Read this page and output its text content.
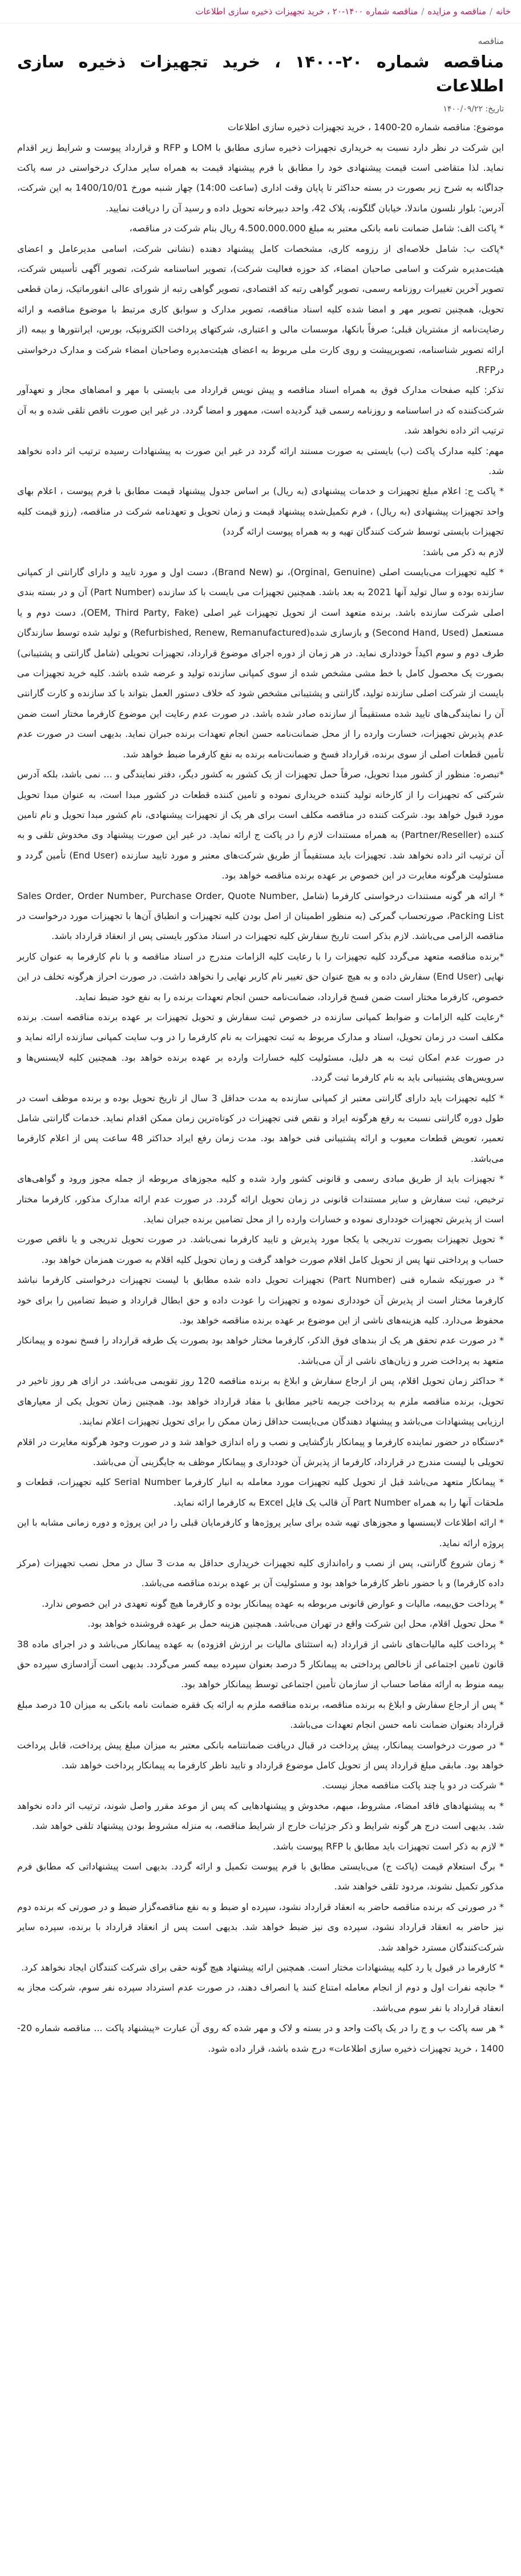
خانه
/
مناقصه و مزایده
/
مناقصه شماره ۱۴۰۰-۲۰ ، خرید تجهیزات ذخیره سازی اطلاعات
مناقصه
مناقصه شماره ۲۰-۱۴۰۰ ، خرید تجهیزات ذخیره سازی اطلاعات
تاریخ: ۱۴۰۰/۰۹/۲۲

موضوع: مناقصه شماره 20-1400 ، خرید تجهیزات ذخیره سازی اطلاعات

این شرکت در نظر دارد نسبت به خریداری تجهیزات ذخیره سازی مطابق با LOM و RFP و قرارداد پیوست و شرایط زیر اقدام نماید. لذا متقاضی است قیمت پیشنهادی خود را مطابق با فرم پیشنهاد قیمت به همراه سایر مدارک درخواستی در سه پاکت جداگانه به شرح زیر بصورت در بسته حداکثر تا پایان وقت اداری (ساعت 14:00) چهار شنبه مورخ 1400/10/01 به این شرکت، آدرس: بلوار نلسون ماندلا، خیابان گلگونه، پلاک 42، واحد دبیرخانه تحویل داده و رسید آن را دریافت نمایید.

* پاکت الف: شامل ضمانت نامه بانکی معتبر به مبلغ 4.500.000.000 ریال بنام شرکت در مناقصه،

*پاکت ب: شامل خلاصه‌ای از رزومه کاری، مشخصات کامل پیشنهاد دهنده (نشانی شرکت، اسامی مدیرعامل و اعضای هیئت‌مدیره شرکت و اسامی صاحبان امضاء، کد حوزه فعالیت شرکت)، تصویر اساسنامه شرکت، تصویر آگهی تأسیس شرکت، تصویر آخرین تغییرات روزنامه رسمی، تصویر گواهی رتبه کد اقتصادی، تصویر گواهی رتبه از شورای عالی انفورماتیک، زمان قطعی تحویل، همچنین تصویر مهر و امضا شده کلیه اسناد مناقصه، تصویر مدارک و سوابق کاری مرتبط با موضوع مناقصه و ارائه رضایت‌نامه از مشتریان قبلی؛ صرفاً بانکها، موسسات مالی و اعتباری، شرکتهای پرداخت الکترونیک، بورس، ایرانتورها و بیمه (از ارائه تصویر شناسنامه، تصویرپیشت و روی کارت ملی مربوط به اعضای هیئت‌مدیره وصاحبان امضاء شرکت و مدارک درخواستی درRFP.

تذکر: کلیه صفحات مدارک فوق به همراه اسناد مناقصه و پیش نویس قرارداد می بایستی با مهر و امضاهای مجاز و تعهدآور شرکت‌کننده که در اساسنامه و روزنامه رسمی قید گردیده است، ممهور و امضا گردد. در غیر این صورت ناقص تلقی شده و به آن ترتیب اثر داده نخواهد شد.

مهم: کلیه مدارک پاکت (ب) بایستی به صورت مستند ارائه گردد در غیر این صورت به پیشنهادات رسیده ترتیب اثر داده نخواهد شد.

* پاکت ج: اعلام مبلغ تجهیزات و خدمات پیشنهادی (به ریال) بر اساس جدول پیشنهاد قیمت مطابق با فرم پیوست ، اعلام بهای واحد تجهیزات پیشنهادی (به ریال) ، فرم تکمیل‌شده پیشنهاد قیمت و زمان تحویل و تعهدنامه شرکت در مناقصه، (رزو قیمت کلیه تجهیزات بایستی توسط شرکت کنندگان تهیه و به همراه پیوست ارائه گردد)

لازم به ذکر می باشد:

* کلیه تجهیزات می‌بایست اصلی (Orginal, Genuine)، نو (Brand New)، دست اول و مورد تایید و دارای گارانتی از کمپانی سازنده بوده و سال تولید آنها 2021 به بعد باشد. همچنین تجهیزات می بایست با کد سازنده (Part Number) آن و در بسته بندی اصلی شرکت سازنده باشد. برنده متعهد است از تحویل تجهیزات غیر اصلی (OEM, Third Party, Fake)، دست دوم و یا مستعمل (Second Hand, Used) و بازسازی شده(Refurbished, Renew, Remanufactured) و تولید شده توسط سازندگان طرف دوم و سوم اکیداً خودداری نماید. در هر زمان از دوره اجرای موضوع قرارداد، تجهیزات تحویلی (شامل گارانتی و پشتیبانی) بصورت یک محصول کامل با خط مشی مشخص شده از سوی کمپانی سازنده تولید و عرضه شده باشد. کلیه خرید تجهیزات می بایست از شرکت اصلی سازنده تولید، گارانتی و پشتیبانی مشخص شود که خلاف دستور العمل بتواند با کد سازنده و کارت گارانتی آن را نمایندگی‌های تایید شده مستقیماً از سازنده صادر شده باشد. در صورت عدم رعایت این موضوع کارفرما مختار است ضمن عدم پذیرش تجهیزات، خسارت وارده را از محل ضمانت‌نامه حسن انجام تعهدات برنده جبران نماید. بدیهی است در صورت عدم تأمین قطعات اصلی از سوی برنده، قرارداد فسخ و ضمانت‌نامه برنده به نفع کارفرما ضبط خواهد شد.

*تبصره: منظور از کشور مبدا تحویل، صرفاً حمل تجهیزات از یک کشور به کشور دیگر، دفتر نمایندگی و ... نمی باشد، بلکه آدرس شرکتی که تجهیزات را از کارخانه تولید کننده خریداری نموده و تامین کننده قطعات در کشور مبدا است، به عنوان مبدا تحویل مورد قبول خواهد بود. شرکت کننده در مناقصه مکلف است برای هر یک از تجهیزات پیشنهادی، نام کشور مبدا تحویل و نام تامین کننده (Partner/Reseller) به همراه مستندات لازم را در پاکت ج ارائه نماید. در غیر این صورت پیشنهاد وی مخدوش تلقی و به آن ترتیب اثر داده نخواهد شد. تجهیزات باید مستقیماً از طریق شرکت‌های معتبر و مورد تایید سازنده (End User) تأمین گردد و مسئولیت هرگونه مغایرت در این خصوص بر عهده برنده مناقصه خواهد بود.

* ارائه هر گونه مستندات درخواستی کارفرما (شامل Sales Order, Order Number, Purchase Order, Quote Number, Packing List، صورتحساب گمرکی (به منظور اطمینان از اصل بودن کلیه تجهیزات و انطباق آن‌ها با تجهیزات مورد درخواست در مناقصه الزامی می‌باشد. لازم بذکر است تاریخ سفارش کلیه تجهیزات در اسناد مذکور بایستی پس از انعقاد قرارداد باشد.

*برنده مناقصه متعهد می‌گردد کلیه تجهیزات را با رعایت کلیه الزامات مندرج در اسناد مناقصه و با نام کارفرما به عنوان کاربر نهایی (End User) سفارش داده و به هیچ عنوان حق تغییر نام کاربر نهایی را نخواهد داشت. در صورت احراز هرگونه تخلف در این خصوص، کارفرما مختار است ضمن فسخ قرارداد، ضمانت‌نامه حسن انجام تعهدات برنده را به نفع خود ضبط نماید.

*رعایت کلیه الزامات و ضوابط کمپانی سازنده در خصوص ثبت سفارش و تحویل تجهیزات بر عهده برنده مناقصه است. برنده مکلف است در زمان تحویل، اسناد و مدارک مربوط به ثبت تجهیزات به نام کارفرما را در وب سایت کمپانی سازنده ارائه نماید و در صورت عدم امکان ثبت به هر دلیل، مسئولیت کلیه خسارات وارده بر عهده برنده خواهد بود. همچنین کلیه لایسنس‌ها و سرویس‌های پشتیبانی باید به نام کارفرما ثبت گردد.

* کلیه تجهیزات باید دارای گارانتی معتبر از کمپانی سازنده به مدت حداقل 3 سال از تاریخ تحویل بوده و برنده موظف است در طول دوره گارانتی نسبت به رفع هرگونه ایراد و نقص فنی تجهیزات در کوتاه‌ترین زمان ممکن اقدام نماید. خدمات گارانتی شامل تعمیر، تعویض قطعات معیوب و ارائه پشتیبانی فنی خواهد بود. مدت زمان رفع ایراد حداکثر 48 ساعت پس از اعلام کارفرما می‌باشد.

* تجهیزات باید از طریق مبادی رسمی و قانونی کشور وارد شده و کلیه مجوزهای مربوطه از جمله مجوز ورود و گواهی‌های ترخیص، ثبت سفارش و سایر مستندات قانونی در زمان تحویل ارائه گردد. در صورت عدم ارائه مدارک مذکور، کارفرما مختار است از پذیرش تجهیزات خودداری نموده و خسارات وارده را از محل تضامین برنده جبران نماید.

* تحویل تجهیزات بصورت تدریجی یا یکجا مورد پذیرش و تایید کارفرما نمی‌باشد. در صورت تحویل تدریجی و یا ناقص صورت حساب و پرداختی تنها پس از تحویل کامل اقلام صورت خواهد گرفت و زمان تحویل کلیه اقلام به صورت همزمان خواهد بود.

* در صورتیکه شماره فنی (Part Number) تجهیزات تحویل داده شده مطابق با لیست تجهیزات درخواستی کارفرما نباشد کارفرما مختار است از پذیرش آن خودداری نموده و تجهیزات را عودت داده و حق ابطال قرارداد و ضبط تضامین را برای خود محفوظ می‌دارد. کلیه هزینه‌های ناشی از این موضوع بر عهده برنده مناقصه خواهد بود.

* در صورت عدم تحقق هر یک از بندهای فوق الذکر، کارفرما مختار خواهد بود بصورت یک طرفه قرارداد را فسخ نموده و پیمانکار متعهد به پرداخت ضرر و زیان‌های ناشی از آن می‌باشد.

* حداکثر زمان تحویل اقلام، پس از ارجاع سفارش و ابلاغ به برنده مناقصه 120 روز تقویمی می‌باشد. در ازای هر روز تاخیر در تحویل، برنده مناقصه ملزم به پرداخت جریمه تاخیر مطابق با مفاد قرارداد خواهد بود. همچنین زمان تحویل یکی از معیارهای ارزیابی پیشنهادات می‌باشد و پیشنهاد دهندگان می‌بایست حداقل زمان ممکن را برای تحویل تجهیزات اعلام نمایند.

*دستگاه در حضور نماینده کارفرما و پیمانکار بازگشایی و نصب و راه اندازی خواهد شد و در صورت وجود هرگونه مغایرت در اقلام تحویلی با لیست مندرج در قرارداد، کارفرما از پذیرش آن خودداری و پیمانکار موظف به جایگزینی آن می‌باشد.

* پیمانکار متعهد می‌باشد قبل از تحویل کلیه تجهیزات مورد معامله به انبار کارفرما Serial Number کلیه تجهیزات، قطعات و ملحقات آنها را به همراه Part Number آن قالب یک فایل Excel به کارفرما ارائه نماید.

* ارائه اطلاعات لایسنسها و مجوزهای تهیه شده برای سایر پروژه‌ها و کارفرمایان قبلی را در این پروژه و دوره زمانی مشابه با این پروژه ارائه نماید.

* زمان شروع گارانتی، پس از نصب و راه‌اندازی کلیه تجهیزات خریداری حداقل به مدت 3 سال در محل نصب تجهیزات (مرکز داده کارفرما) و با حضور ناظر کارفرما خواهد بود و مسئولیت آن بر عهده برنده مناقصه می‌باشد.

* پرداخت حق‌بیمه، مالیات و عوارض قانونی مربوطه به عهده پیمانکار بوده و کارفرما هیچ گونه تعهدی در این خصوص ندارد.

* محل تحویل اقلام، محل این شرکت واقع در تهران می‌باشد. همچنین هزینه حمل بر عهده فروشنده خواهد بود.

* پرداخت کلیه مالیات‌های ناشی از قرارداد (به استثنای مالیات بر ارزش افزوده) به عهده پیمانکار می‌باشد و در اجرای ماده 38 قانون تامین اجتماعی از ناخالص پرداختی به پیمانکار 5 درصد بعنوان سپرده بیمه کسر می‌گردد. بدیهی است آزادسازی سپرده حق بیمه منوط به ارائه مفاصا حساب از سازمان تأمین اجتماعی توسط پیمانکار خواهد بود.

* پس از ارجاع سفارش و ابلاغ به برنده مناقصه، برنده مناقصه ملزم به ارائه یک فقره ضمانت نامه بانکی به میزان 10 درصد مبلغ قرارداد بعنوان ضمانت نامه حسن انجام تعهدات می‌باشد.

* در صورت درخواست پیمانکار، پیش پرداخت در قبال دریافت ضمانتنامه بانکی معتبر به میزان مبلغ پیش پرداخت، قابل پرداخت خواهد بود. مابقی مبلغ قرارداد پس از تحویل کامل موضوع قرارداد و تایید ناظر کارفرما به پیمانکار پرداخت خواهد شد.

* شرکت در دو یا چند پاکت مناقصه مجاز نیست.

* به پیشنهادهای فاقد امضاء، مشروط، مبهم، مخدوش و پیشنهادهایی که پس از موعد مقرر واصل شوند، ترتیب اثر داده نخواهد شد. بدیهی است درج هر گونه شرایط و ذکر جزئیات خارج از شرایط مناقصه، به منزله مشروط بودن پیشنهاد تلقی خواهد شد.

* لازم به ذکر است تجهیزات باید مطابق با RFP پیوست باشد.

* برگ استعلام قیمت (پاکت ج) می‌بایستی مطابق با فرم پیوست تکمیل و ارائه گردد. بدیهی است پیشنهاداتی که مطابق فرم مذکور تکمیل نشوند، مردود تلقی خواهند شد.

* در صورتی که برنده مناقصه حاضر به انعقاد قرارداد نشود، سپرده او ضبط و به نفع مناقصه‌گزار ضبط و در صورتی که برنده دوم نیز حاضر به انعقاد قرارداد نشود، سپرده وی نیز ضبط خواهد شد. بدیهی است پس از انعقاد قرارداد با برنده، سپرده سایر شرکت‌کنندگان مسترد خواهد شد.

* کارفرما در قبول یا رد کلیه پیشنهادات مختار است. همچنین ارائه پیشنهاد هیچ گونه حقی برای شرکت کنندگان ایجاد نخواهد کرد.

* جانچه نفرات اول و دوم از انجام معامله امتناع کنند یا انصراف دهند، در صورت عدم استرداد سپرده نفر سوم، شرکت مجاز به انعقاد قرارداد با نفر سوم می‌باشد.

* هر سه پاکت ب و ج را در یک پاکت واحد و در بسته و لاک و مهر شده که روی آن عبارت «پیشنهاد پاکت ... مناقصه شماره 20-1400 ، خرید تجهیزات ذخیره سازی اطلاعات» درج شده باشد، قرار داده شود.
